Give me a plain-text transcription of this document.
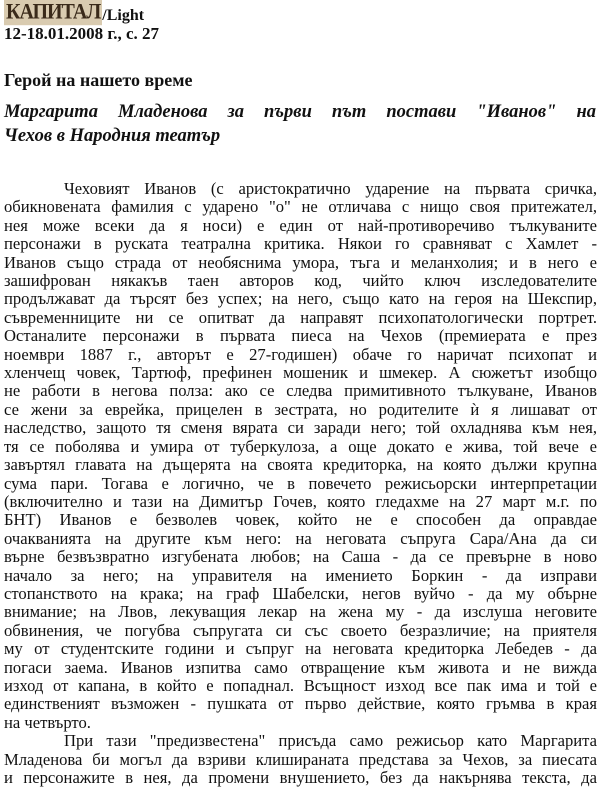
КАПИТАЛ /Light
12-18.01.2008 г., с. 27
Герой на нашето време
Маргарита Младенова за първи път постави "Иванов" на
Чехов в Народния театър
Чеховият Иванов (с аристократично ударение на първата сричка,
обикновената фамилия с ударено "о" не отличава с нищо своя притежател,
нея може всеки да я носи) е един от най-противоречиво тълкуваните
персонажи в руската театрална критика. Някои го сравняват с Хамлет -
Иванов също страда от необяснима умора, тъга и меланхолия; и в него е
зашифрован някакъв таен авторов код, чийто ключ изследователите
продължават да търсят без успех; на него, също като на героя на Шекспир,
съвременниците ни се опитват да направят психопатологически портрет.
Останалите персонажи в първата пиеса на Чехов (премиерата е през
ноември 1887 г., авторът е 27-годишен) обаче го наричат психопат и
хленчещ човек, Тартюф, префинен мошеник и шмекер. А сюжетът изобщо
не работи в негова полза: ако се следва примитивното тълкуване, Иванов
се жени за еврейка, прицелен в зестрата, но родителите ѝ я лишават от
наследство, защото тя сменя вярата си заради него; той охладнява към нея,
тя се поболява и умира от туберкулоза, а още докато е жива, той вече е
завъртял главата на дъщерята на своята кредиторка, на която дължи крупна
сума пари. Тогава е логично, че в повечето режисьорски интерпретации
(включително и тази на Димитър Гочев, която гледахме на 27 март м.г. по
БНТ) Иванов е безволев човек, който не е способен да оправдае
очакванията на другите към него: на неговата съпруга Сара/Ана да си
върне безвъзвратно изгубената любов; на Саша - да се превърне в ново
начало за него; на управителя на имението Боркин - да изправи
стопанството на крака; на граф Шабелски, негов вуйчо - да му обърне
внимание; на Лвов, лекуващия лекар на жена му - да изслуша неговите
обвинения, че погубва съпругата си със своето безразличие; на приятеля
му от студентските години и съпруг на неговата кредиторка Лебедев - да
погаси заема. Иванов изпитва само отвращение към живота и не вижда
изход от капана, в който е попаднал. Всъщност изход все пак има и той е
единственият възможен - пушката от първо действие, която гръмва в края
на четвърто.
При тази "предизвестена" присъда само режисьор като Маргарита
Младенова би могъл да взриви клишираната представа за Чехов, за пиесата
и персонажите в нея, да промени внушението, без да накърнява текста, да
